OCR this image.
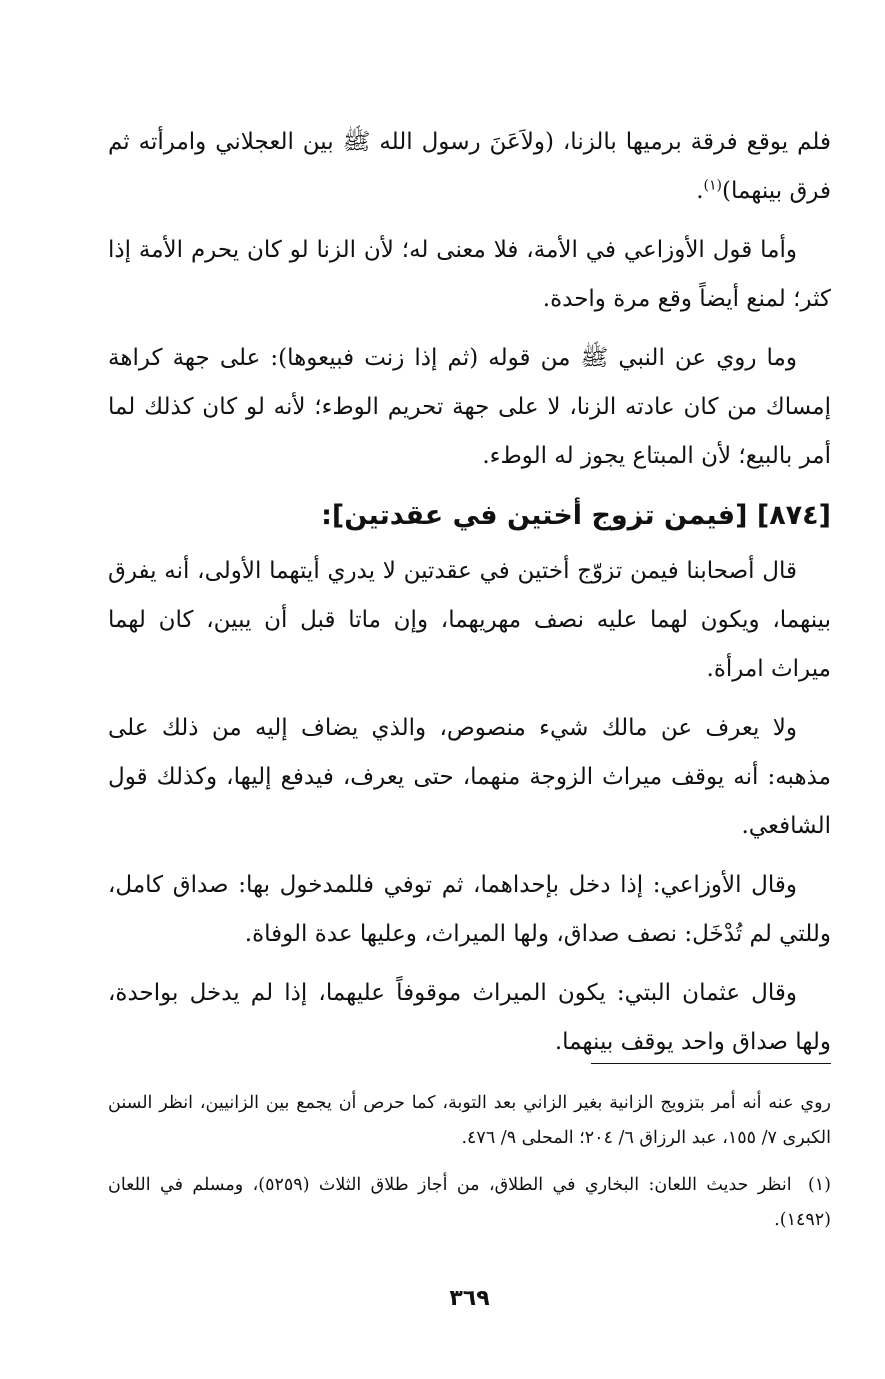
فلم يوقع فرقة برميها بالزنا، (ولاَعَنَ رسول الله ﷺ بين العجلاني وامرأته ثم فرق بينهما)$^{(١)}$.

وأما قول الأوزاعي في الأمة، فلا معنى له؛ لأن الزنا لو كان يحرم الأمة إذا كثر؛ لمنع أيضاً وقع مرة واحدة.

وما روي عن النبي ﷺ من قوله (ثم إذا زنت فبيعوها): على جهة كراهة إمساك من كان عادته الزنا، لا على جهة تحريم الوطء؛ لأنه لو كان كذلك لما أمر بالبيع؛ لأن المبتاع يجوز له الوطء.

[٨٧٤] [فيمن تزوج أختين في عقدتين]:

قال أصحابنا فيمن تزوّج أختين في عقدتين لا يدري أيتهما الأولى، أنه يفرق بينهما، ويكون لهما عليه نصف مهريهما، وإن ماتا قبل أن يبين، كان لهما ميراث امرأة.

ولا يعرف عن مالك شيء منصوص، والذي يضاف إليه من ذلك على مذهبه: أنه يوقف ميراث الزوجة منهما، حتى يعرف، فيدفع إليها، وكذلك قول الشافعي.

وقال الأوزاعي: إذا دخل بإحداهما، ثم توفي فللمدخول بها: صداق كامل، وللتي لم تُدْخَل: نصف صداق، ولها الميراث، وعليها عدة الوفاة.

وقال عثمان البتي: يكون الميراث موقوفاً عليهما، إذا لم يدخل بواحدة، ولها صداق واحد يوقف بينهما.

روي عنه أنه أمر بتزويج الزانية بغير الزاني بعد التوبة، كما حرص أن يجمع بين الزانيين، انظر السنن الكبرى ٧/ ١٥٥، عبد الرزاق ٦/ ٢٠٤؛ المحلى ٩/ ٤٧٦.

(١) انظر حديث اللعان: البخاري في الطلاق، من أجاز طلاق الثلاث (٥٢٥٩)، ومسلم في اللعان (١٤٩٢).

٣٦٩
